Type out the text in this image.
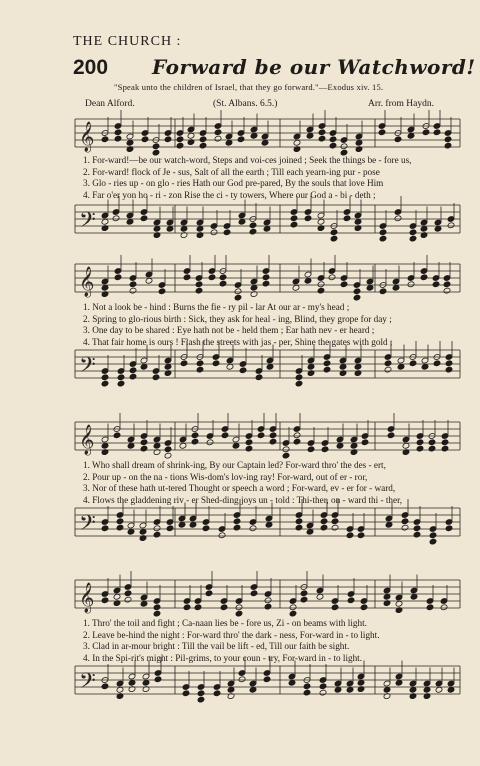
THE CHURCH :
200 Forward be our Watchword!
"Speak unto the children of Israel, that they go forward."—Exodus xiv. 15.
Dean Alford.	(St. Albans. 6.5.)	Arr. from Haydn.
𝄞
1. For-ward!—be our watch-word, Steps and voi-ces joined ; Seek the things be - fore us,
2. For-ward! flock of Je - sus, Salt of all the earth ; Till each yearn-ing pur - pose
3. Glo - ries up - on glo - ries Hath our God pre-pared, By the souls that love Him
4. Far o'er yon ho - ri - zon Rise the ci - ty towers, Where our God a - bi - deth ;
𝄢
𝄞
1. Not a look be - hind : Burns the fie - ry pil - lar At our ar - my's head ;
2. Spring to glo-rious birth : Sick, they ask for heal - ing, Blind, they grope for day ;
3. One day to be shared : Eye hath not be - held them ; Ear hath nev - er heard ;
4. That fair home is ours ! Flash the streets with jas - per, Shine the gates with gold ;
𝄢
𝄞
1. Who shall dream of shrink-ing, By our Captain led? For-ward thro' the des - ert,
2. Pour up - on the na - tions Wis-dom's lov-ing ray! For-ward, out of er - ror,
3. Nor of these hath ut-tered Thought or speech a word ; For-ward, ev - er for - ward,
4. Flows the gladdening riv - er Shed-ding joys un - told : Thi-ther, on - ward thi - ther,
𝄢
𝄞
1. Thro' the toil and fight ; Ca-naan lies be - fore us, Zi - on beams with light.
2. Leave be-hind the night : For-ward thro' the dark - ness, For-ward in - to light.
3. Clad in ar-mour bright : Till the vail be lift - ed, Till our faith be sight.
4. In the Spi-rit's might : Pil-grims, to your coun - try, For-ward in - to light.
𝄢
